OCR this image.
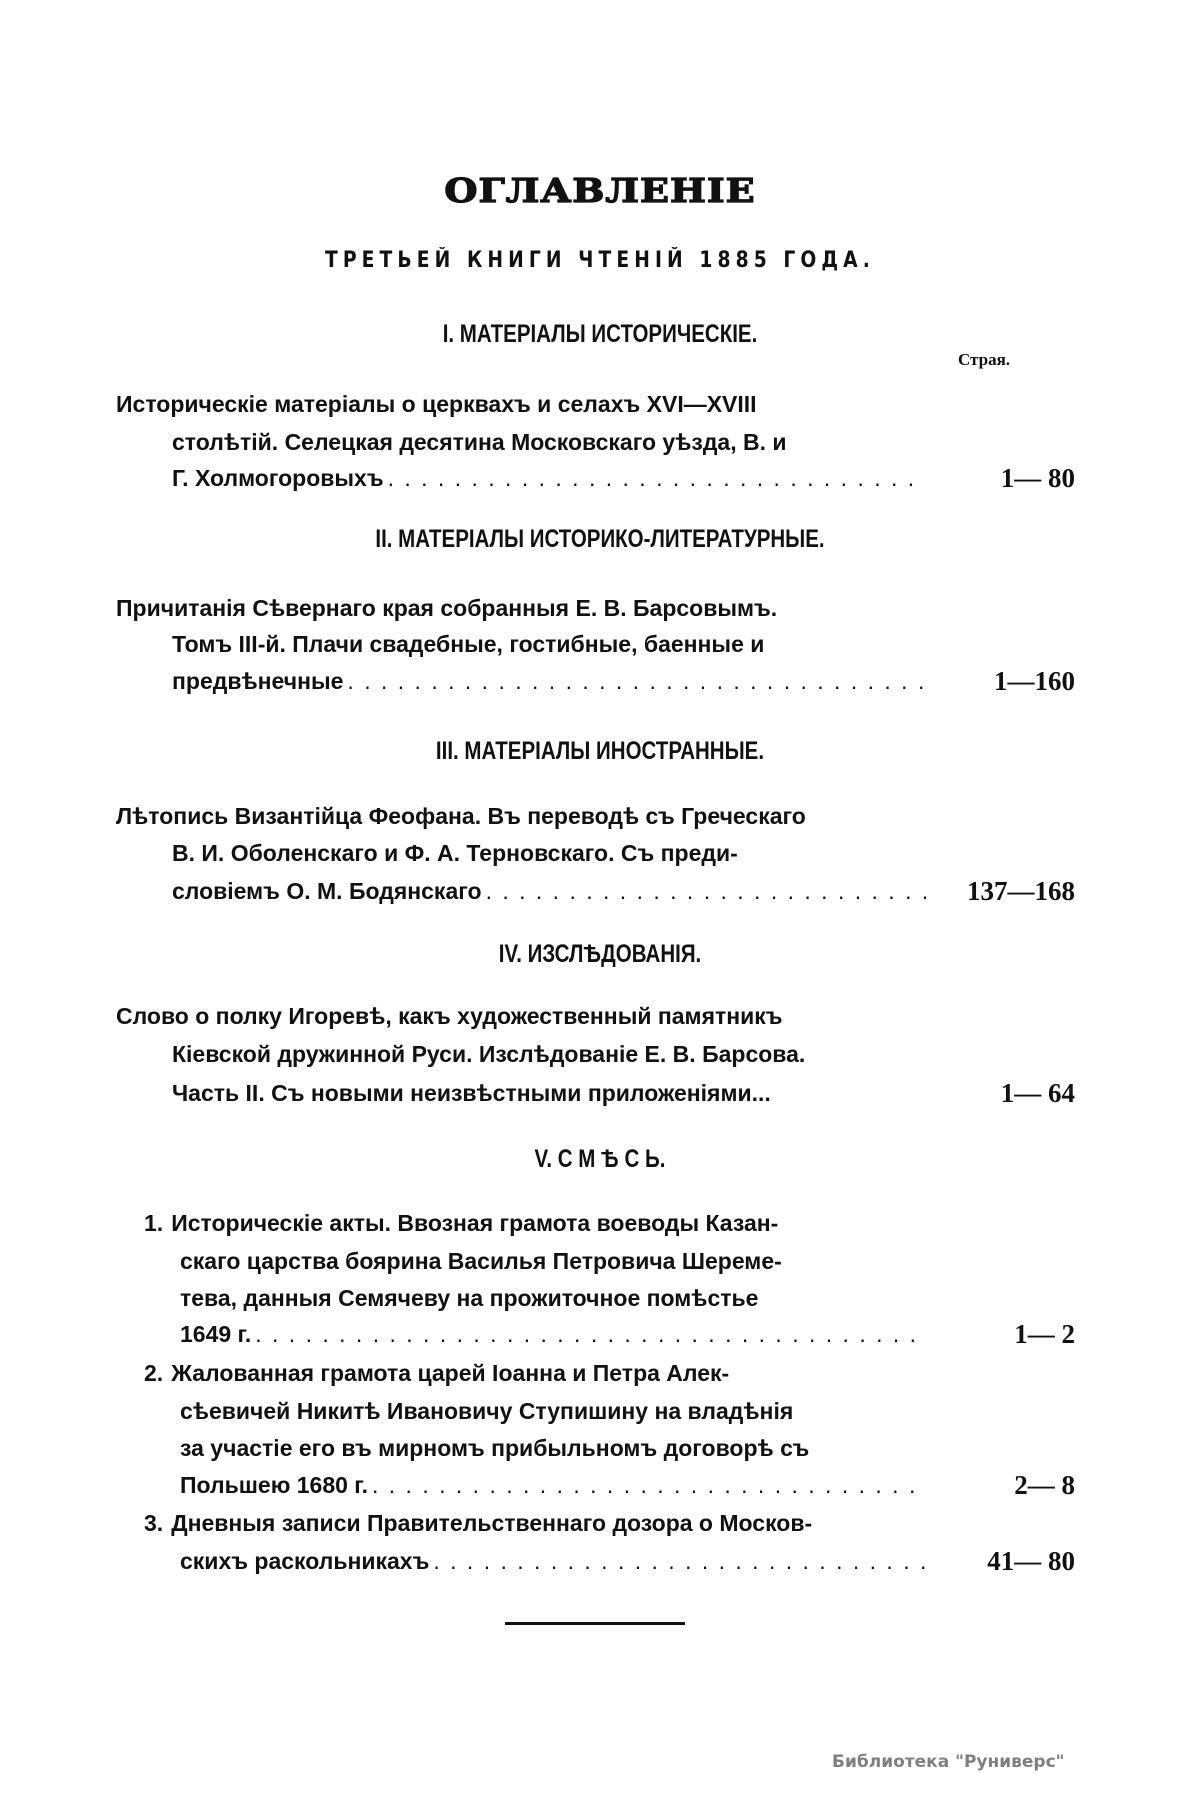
ОГЛАВЛЕНІЕ
ТРЕТЬЕЙ КНИГИ ЧТЕНІЙ 1885 ГОДА.
I. МАТЕРІАЛЫ ИСТОРИЧЕСКІЕ.
Страя.
Историческіе матеріалы о церквахъ и селахъ XVI—XVIII
столѣтій. Селецкая десятина Московскаго уѣзда, В. и
Г. Холмогоровыхъ . . .	1— 80
II. МАТЕРІАЛЫ ИСТОРИКО-ЛИТЕРАТУРНЫЕ.
Причитанія Сѣвернаго края собранныя Е. В. Барсовымъ.
Томъ III-й. Плачи свадебные, гостибные, баенные и
предвѣнечные . . .	1—160
III. МАТЕРІАЛЫ ИНОСТРАННЫЕ.
Лѣтопись Византійца Феофана. Въ переводѣ съ Греческаго
В. И. Оболенскаго и Ф. А. Терновскаго. Съ преди-
словіемъ О. М. Бодянскаго . . .	137—168
IV. ИЗСЛѢДОВАНІЯ.
Слово о полку Игоревѣ, какъ художественный памятникъ
Кіевской дружинной Руси. Изслѣдованіе Е. В. Барсова.
Часть II. Съ новыми неизвѣстными приложеніями...	1— 64
V. С М Ѣ С Ь.
1. Историческіе акты. Ввозная грамота воеводы Казан-
скаго царства боярина Василья Петровича Шереме-
тева, данныя Семячеву на прожиточное помѣстье
1649 г. . . .	1— 2
2. Жалованная грамота царей Іоанна и Петра Алек-
сѣевичей Никитѣ Ивановичу Ступишину на владѣнія
за участіе его въ мирномъ прибыльномъ договорѣ съ
Польшею 1680 г. . . .	2— 8
3. Дневныя записи Правительственнаго дозора о Москов-
скихъ раскольникахъ . . .	41— 80
Библиотека "Руниверс"
